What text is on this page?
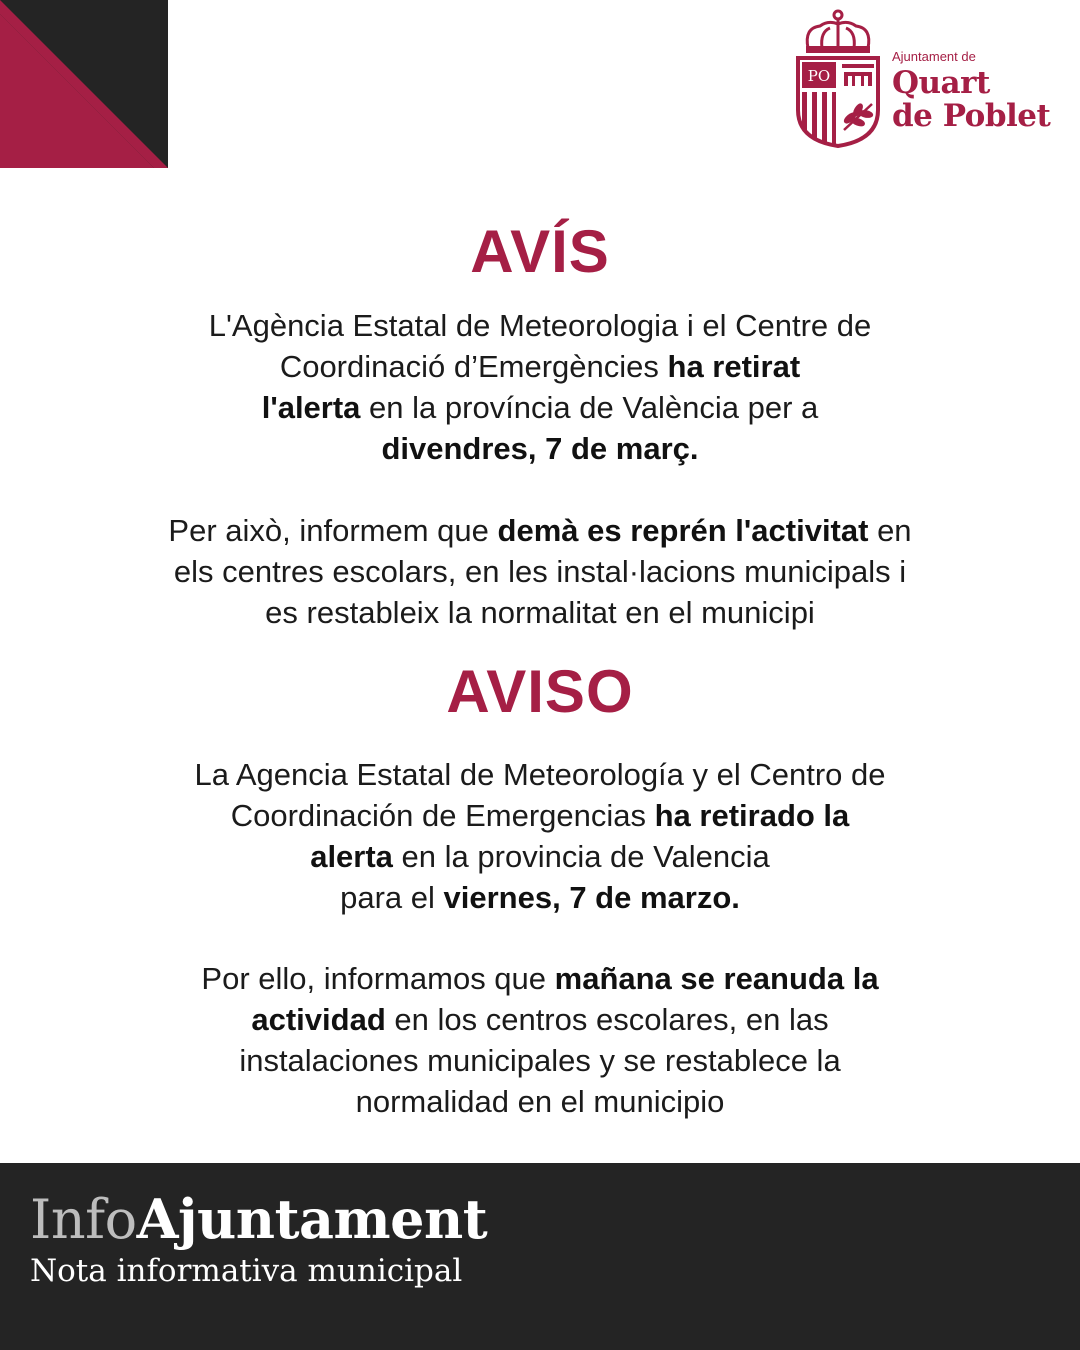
PO
Ajuntament de
Quart
de Poblet
AVÍS
L'Agència Estatal de Meteorologia i el Centre de
Coordinació d’Emergències ha retirat
l'alerta en la província de València per a
divendres, 7 de març.
Per això, informem que demà es reprén l'activitat en
els centres escolars, en les instal·lacions municipals i
es restableix la normalitat en el municipi
AVISO
La Agencia Estatal de Meteorología y el Centro de
Coordinación de Emergencias ha retirado la
alerta en la provincia de Valencia
para el viernes, 7 de marzo.
Por ello, informamos que mañana se reanuda la
actividad en los centros escolares, en las
instalaciones municipales y se restablece la
normalidad en el municipio
InfoAjuntament
Nota informativa municipal
